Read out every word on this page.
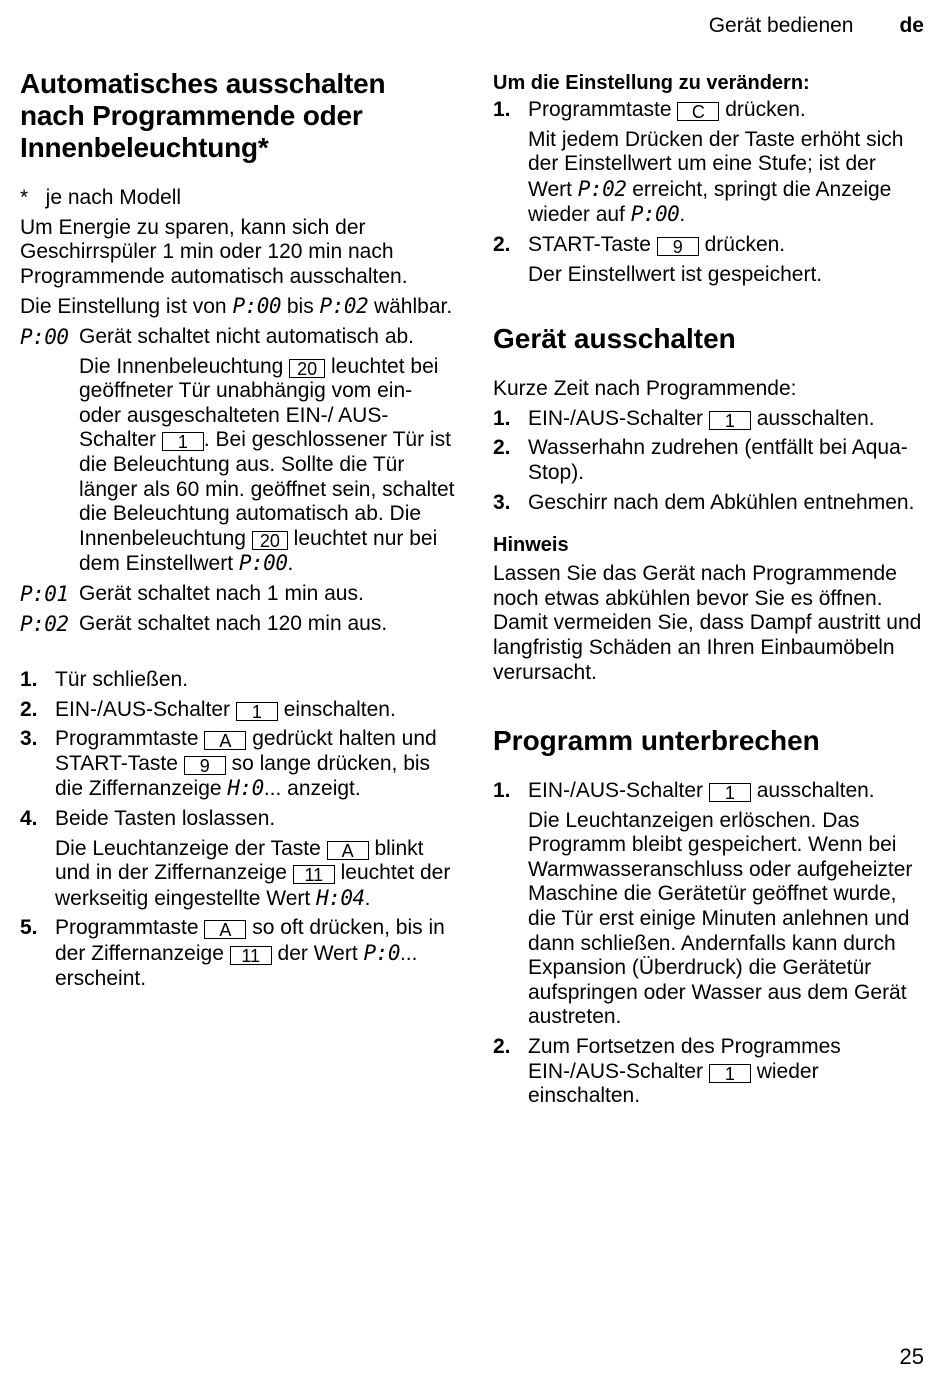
Gerät bedienen de
Automatisches ausschalten nach Programmende oder Innenbeleuchtung*

*   je nach Modell

Um Energie zu sparen, kann sich der Geschirrspüler 1 min oder 120 min nach Programmende automatisch ausschalten.

Die Einstellung ist von P:00 bis P:02 wählbar.

P:00 Gerät schaltet nicht automatisch ab.

Die Innenbeleuchtung 20 leuchtet bei geöffneter Tür unabhängig vom ein- oder ausgeschalteten EIN-/ AUS-Schalter 1 . Bei geschlossener Tür ist die Beleuchtung aus. Sollte die Tür länger als 60 min. geöffnet sein, schaltet die Beleuchtung automatisch ab. Die Innenbeleuchtung 20 leuchtet nur bei dem Einstellwert P:00.

P:01 Gerät schaltet nach 1 min aus.

P:02 Gerät schaltet nach 120 min aus.

1. Tür schließen.

2. EIN-/AUS-Schalter 1 einschalten.

3. Programmtaste A gedrückt halten und START-Taste 9 so lange drücken, bis die Ziffernanzeige H:0... anzeigt.

4. Beide Tasten loslassen.

Die Leuchtanzeige der Taste A blinkt und in der Ziffernanzeige 11 leuchtet der werkseitig eingestellte Wert H:04.

5. Programmtaste A so oft drücken, bis in der Ziffernanzeige 11 der Wert P:0... erscheint.

Um die Einstellung zu verändern:
1. Programmtaste C drücken.

Mit jedem Drücken der Taste erhöht sich der Einstellwert um eine Stufe; ist der Wert P:02 erreicht, springt die Anzeige wieder auf P:00.

2. START-Taste 9 drücken.

Der Einstellwert ist gespeichert.

Gerät ausschalten

Kurze Zeit nach Programmende:

1. EIN-/AUS-Schalter 1 ausschalten.

2. Wasserhahn zudrehen (entfällt bei Aqua-Stop).

3. Geschirr nach dem Abkühlen entnehmen.

Hinweis

Lassen Sie das Gerät nach Programmende noch etwas abkühlen bevor Sie es öffnen. Damit vermeiden Sie, dass Dampf austritt und langfristig Schäden an Ihren Einbaumöbeln verursacht.

Programm unterbrechen
1. EIN-/AUS-Schalter 1 ausschalten.

Die Leuchtanzeigen erlöschen. Das Programm bleibt gespeichert. Wenn bei Warmwasseranschluss oder aufgeheizter Maschine die Gerätetür geöffnet wurde, die Tür erst einige Minuten anlehnen und dann schließen. Andernfalls kann durch Expansion (Überdruck) die Gerätetür aufspringen oder Wasser aus dem Gerät austreten.

2. Zum Fortsetzen des Programmes EIN-/AUS-Schalter 1 wieder einschalten.

25
